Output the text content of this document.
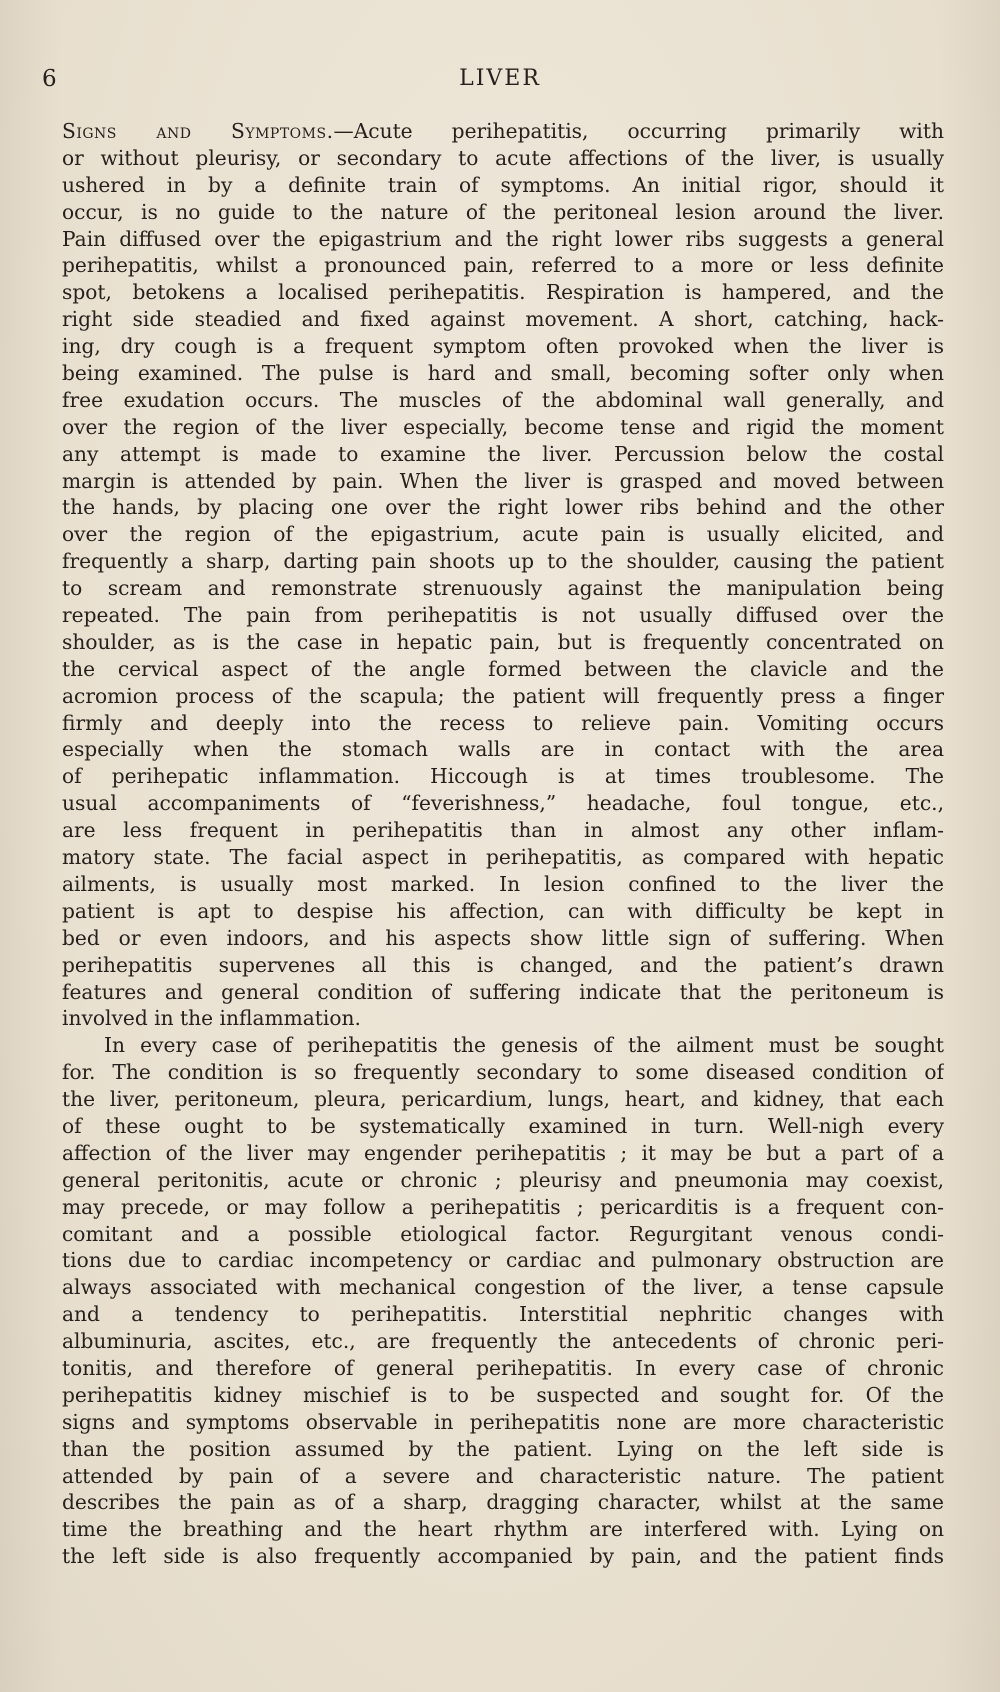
6	LIVER
Signs and Symptoms.—Acute perihepatitis, occurring primarily with
or without pleurisy, or secondary to acute affections of the liver, is usually
ushered in by a definite train of symptoms. An initial rigor, should it
occur, is no guide to the nature of the peritoneal lesion around the liver.
Pain diffused over the epigastrium and the right lower ribs suggests a general
perihepatitis, whilst a pronounced pain, referred to a more or less definite
spot, betokens a localised perihepatitis. Respiration is hampered, and the
right side steadied and fixed against movement. A short, catching, hack-
ing, dry cough is a frequent symptom often provoked when the liver is
being examined. The pulse is hard and small, becoming softer only when
free exudation occurs. The muscles of the abdominal wall generally, and
over the region of the liver especially, become tense and rigid the moment
any attempt is made to examine the liver. Percussion below the costal
margin is attended by pain. When the liver is grasped and moved between
the hands, by placing one over the right lower ribs behind and the other
over the region of the epigastrium, acute pain is usually elicited, and
frequently a sharp, darting pain shoots up to the shoulder, causing the patient
to scream and remonstrate strenuously against the manipulation being
repeated. The pain from perihepatitis is not usually diffused over the
shoulder, as is the case in hepatic pain, but is frequently concentrated on
the cervical aspect of the angle formed between the clavicle and the
acromion process of the scapula; the patient will frequently press a finger
firmly and deeply into the recess to relieve pain. Vomiting occurs
especially when the stomach walls are in contact with the area
of perihepatic inflammation. Hiccough is at times troublesome. The
usual accompaniments of “feverishness,” headache, foul tongue, etc.,
are less frequent in perihepatitis than in almost any other inflam-
matory state. The facial aspect in perihepatitis, as compared with hepatic
ailments, is usually most marked. In lesion confined to the liver the
patient is apt to despise his affection, can with difficulty be kept in
bed or even indoors, and his aspects show little sign of suffering. When
perihepatitis supervenes all this is changed, and the patient’s drawn
features and general condition of suffering indicate that the peritoneum is
involved in the inflammation.
In every case of perihepatitis the genesis of the ailment must be sought
for. The condition is so frequently secondary to some diseased condition of
the liver, peritoneum, pleura, pericardium, lungs, heart, and kidney, that each
of these ought to be systematically examined in turn. Well-nigh every
affection of the liver may engender perihepatitis ; it may be but a part of a
general peritonitis, acute or chronic ; pleurisy and pneumonia may coexist,
may precede, or may follow a perihepatitis ; pericarditis is a frequent con-
comitant and a possible etiological factor. Regurgitant venous condi-
tions due to cardiac incompetency or cardiac and pulmonary obstruction are
always associated with mechanical congestion of the liver, a tense capsule
and a tendency to perihepatitis. Interstitial nephritic changes with
albuminuria, ascites, etc., are frequently the antecedents of chronic peri-
tonitis, and therefore of general perihepatitis. In every case of chronic
perihepatitis kidney mischief is to be suspected and sought for. Of the
signs and symptoms observable in perihepatitis none are more characteristic
than the position assumed by the patient. Lying on the left side is
attended by pain of a severe and characteristic nature. The patient
describes the pain as of a sharp, dragging character, whilst at the same
time the breathing and the heart rhythm are interfered with. Lying on
the left side is also frequently accompanied by pain, and the patient finds
